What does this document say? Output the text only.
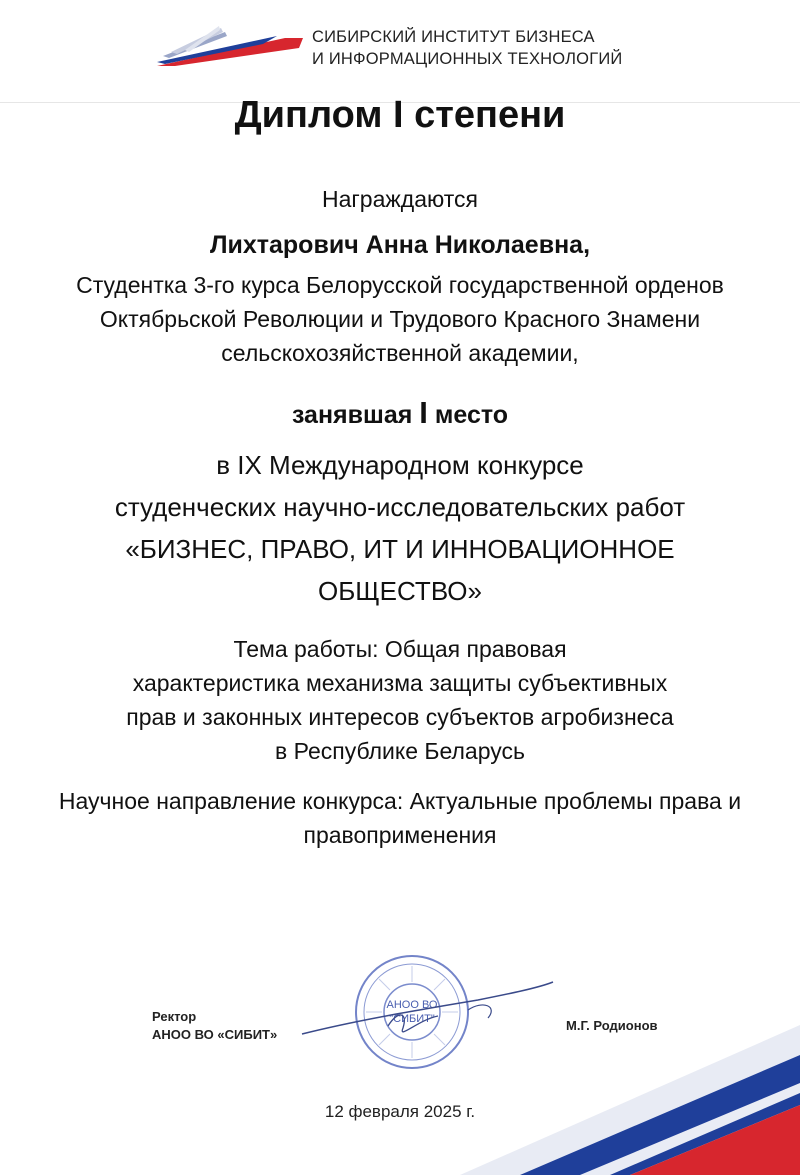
СИБИРСКИЙ ИНСТИТУТ БИЗНЕСА
И ИНФОРМАЦИОННЫХ ТЕХНОЛОГИЙ
Диплом I степени
Награждаются
Лихтарович Анна Николаевна,
Студентка 3-го курса Белорусской государственной орденов
Октябрьской Революции и Трудового Красного Знамени
сельскохозяйственной академии,
занявшая I место
в IX Международном конкурсе
студенческих научно-исследовательских работ
«БИЗНЕС, ПРАВО, ИТ И ИННОВАЦИОННОЕ
ОБЩЕСТВО»
Тема работы: Общая правовая
характеристика механизма защиты субъективных
прав и законных интересов субъектов агробизнеса
в Республике Беларусь
Научное направление конкурса: Актуальные проблемы права и
правоприменения
АНОО ВО
"СИБИТ"
Ректор
АНОО ВО «СИБИТ»
М.Г. Родионов
12 февраля 2025 г.
